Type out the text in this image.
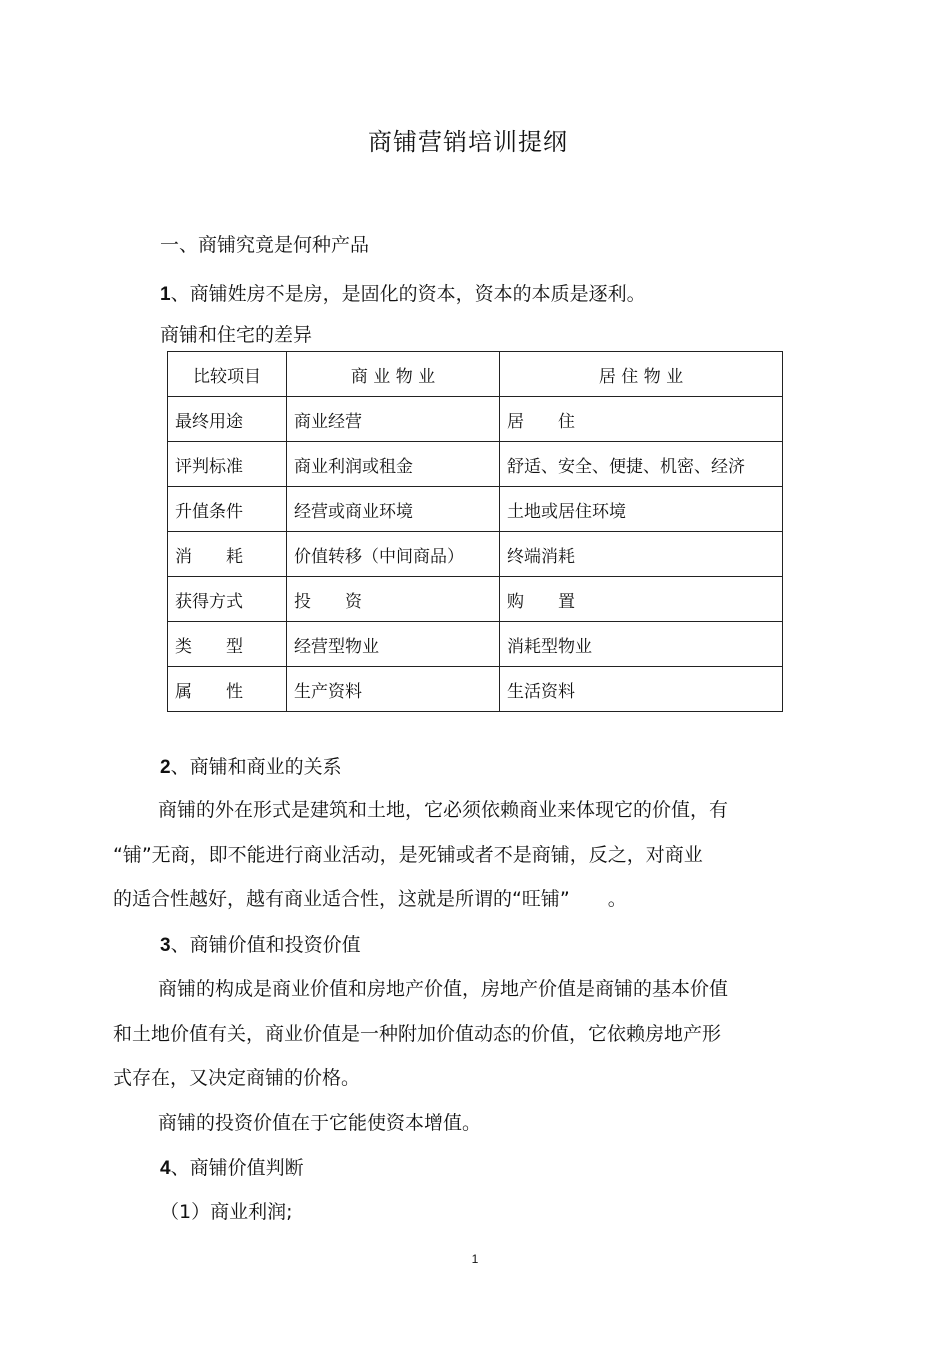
商铺营销培训提纲
一、商铺究竟是何种产品
1、商铺姓房不是房，是固化的资本，资本的本质是逐利。
商铺和住宅的差异
比较项目	商 业 物 业	居 住 物 业
最终用途	商业经营	居　　住
评判标准	商业利润或租金	舒适、安全、便捷、机密、经济
升值条件	经营或商业环境	土地或居住环境
消　　耗	价值转移（中间商品）	终端消耗
获得方式	投　　资	购　　置
类　　型	经营型物业	消耗型物业
属　　性	生产资料	生活资料
2、商铺和商业的关系
商铺的外在形式是建筑和土地，它必须依赖商业来体现它的价值，有
“铺”无商，即不能进行商业活动，是死铺或者不是商铺，反之，对商业
的适合性越好，越有商业适合性，这就是所谓的“旺铺”　　。
3、商铺价值和投资价值
商铺的构成是商业价值和房地产价值，房地产价值是商铺的基本价值
和土地价值有关，商业价值是一种附加价值动态的价值，它依赖房地产形
式存在，又决定商铺的价格。
商铺的投资价值在于它能使资本增值。
4、商铺价值判断
（1）商业利润;
1
